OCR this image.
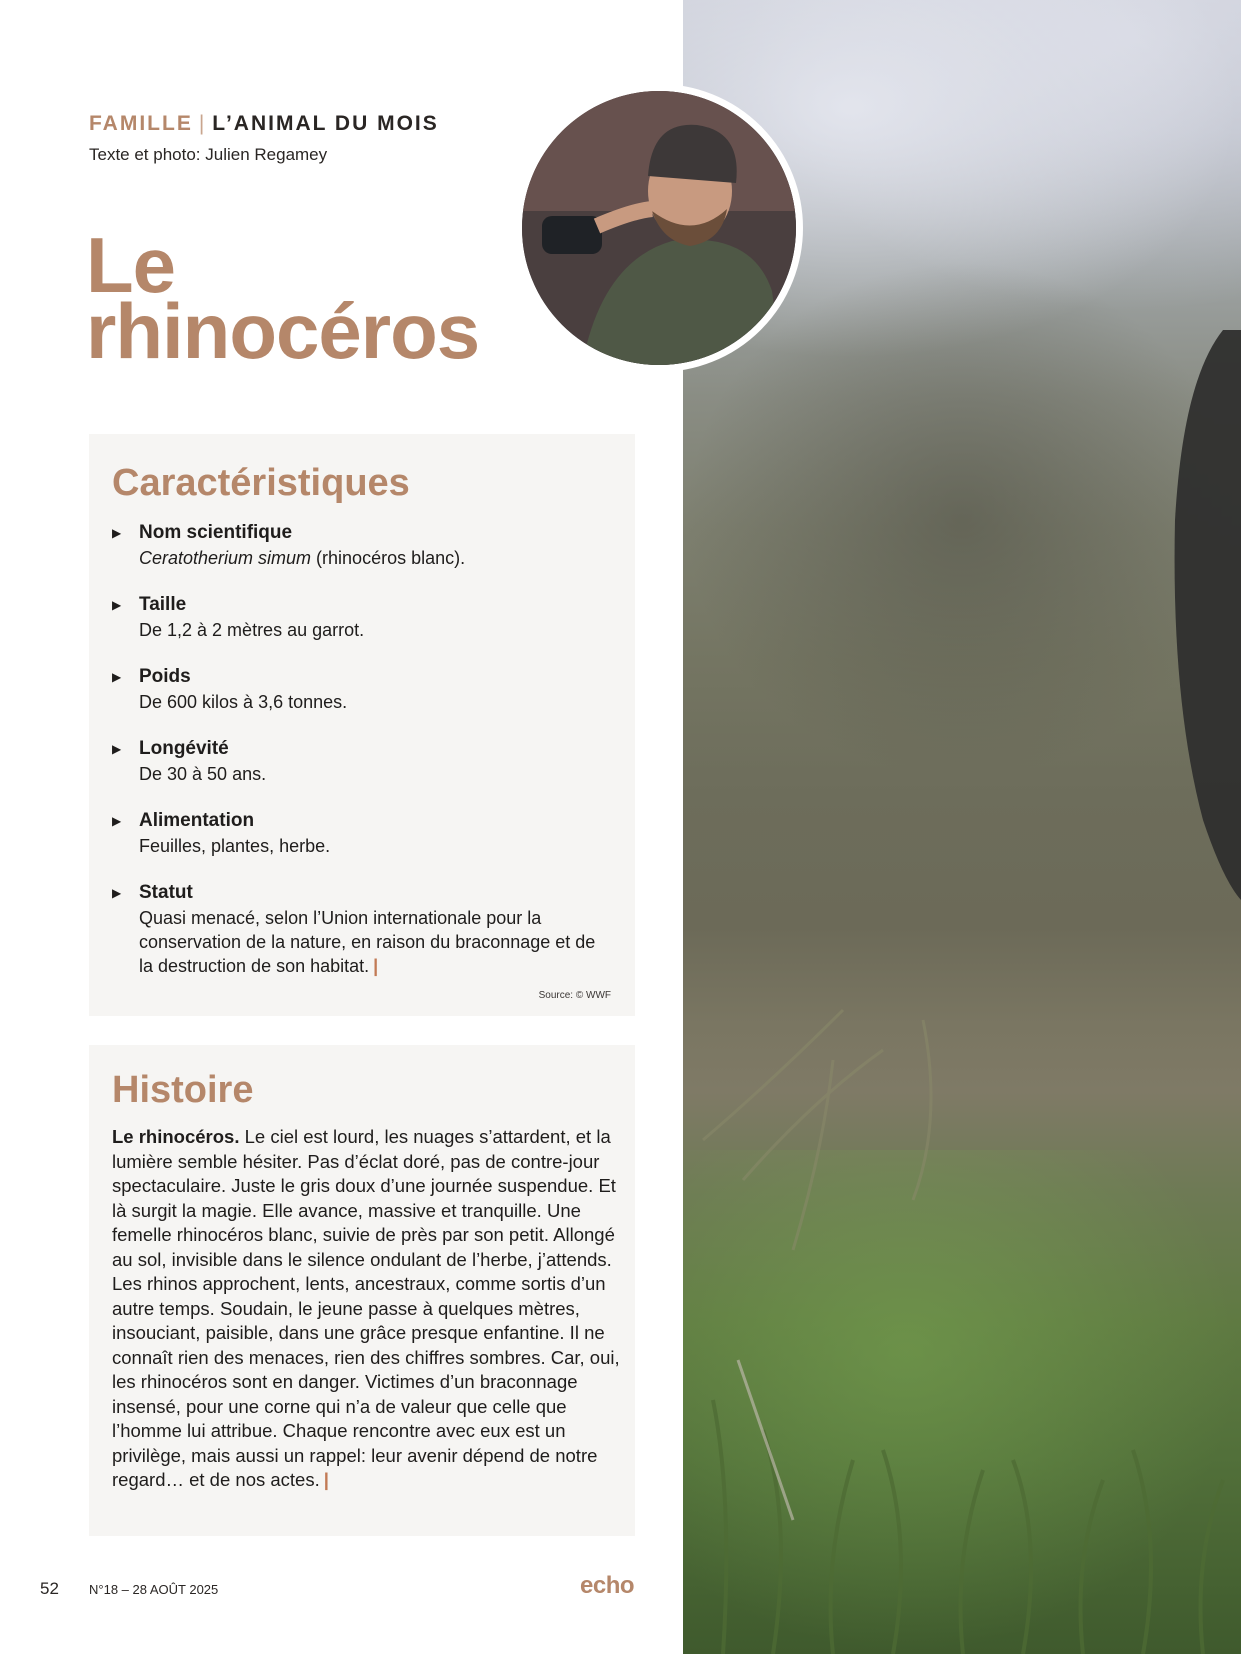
FAMILLE | L’ANIMAL DU MOIS
Texte et photo: Julien Regamey
Le
rhinocéros
Caractéristiques
▶ Nom scientifique
Ceratotherium simum (rhinocéros blanc).
▶ Taille
De 1,2 à 2 mètres au garrot.
▶ Poids
De 600 kilos à 3,6 tonnes.
▶ Longévité
De 30 à 50 ans.
▶ Alimentation
Feuilles, plantes, herbe.
▶ Statut
Quasi menacé, selon l’Union internationale pour la conservation de la nature, en raison du braconnage et de la destruction de son habitat. |
Source: © WWF
Histoire

Le rhinocéros. Le ciel est lourd, les nuages s’attardent, et la lumière semble hésiter. Pas d’éclat doré, pas de contre-jour spectaculaire. Juste le gris doux d’une journée suspendue. Et là surgit la magie. Elle avance, massive et tranquille. Une femelle rhinocéros blanc, suivie de près par son petit. Allongé au sol, invisible dans le silence ondulant de l’herbe, j’attends. Les rhinos approchent, lents, ancestraux, comme sortis d’un autre temps. Soudain, le jeune passe à quelques mètres, insouciant, paisible, dans une grâce presque enfantine. Il ne connaît rien des menaces, rien des chiffres sombres. Car, oui, les rhinocéros sont en danger. Victimes d’un braconnage insensé, pour une corne qui n’a de valeur que celle que l’homme lui attribue. Chaque rencontre avec eux est un privilège, mais aussi un rappel: leur avenir dépend de notre regard… et de nos actes. |

52 N°18 – 28 AOÛT 2025	echo
